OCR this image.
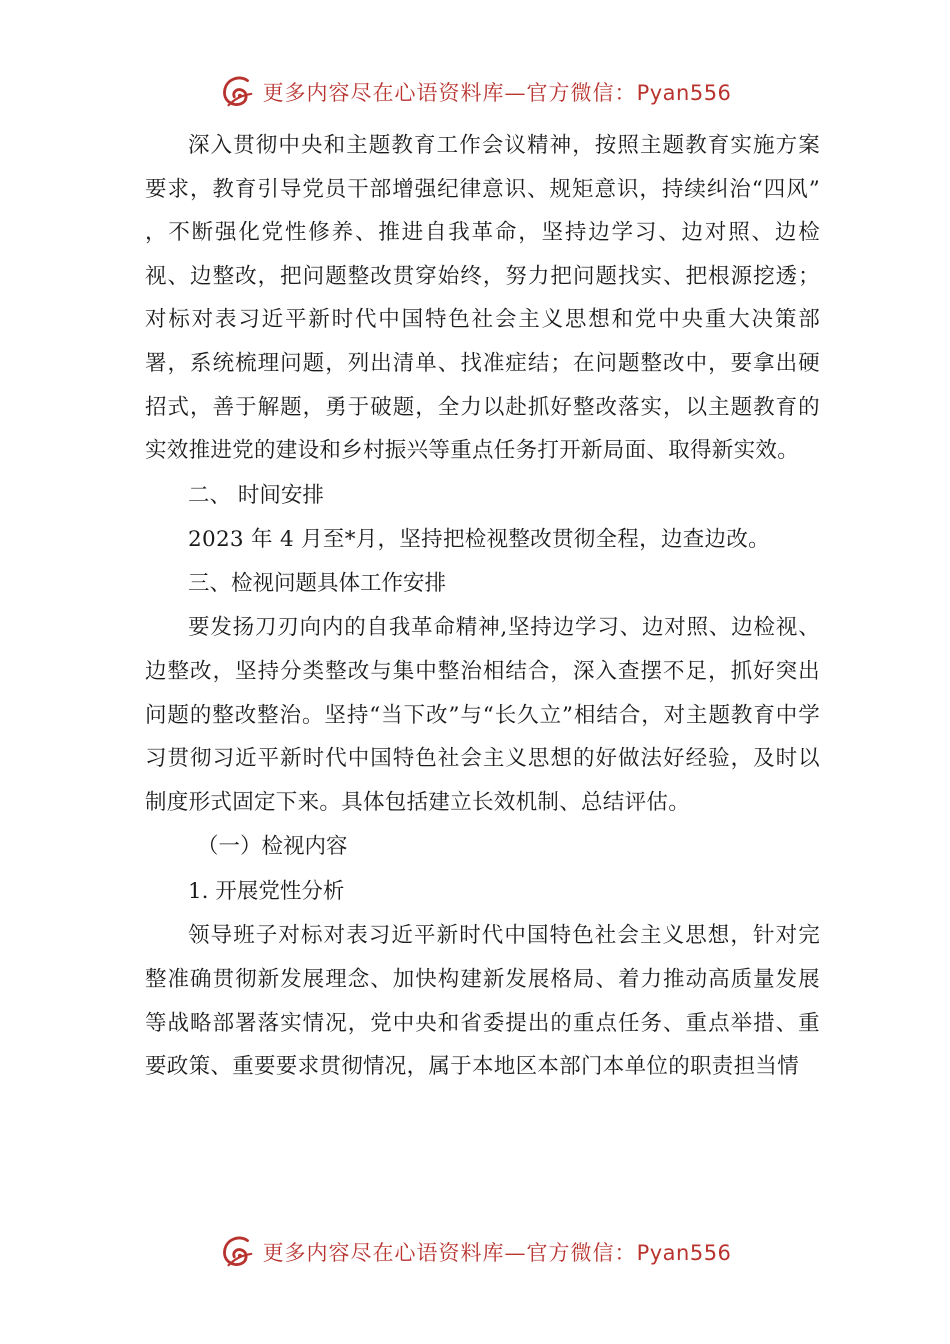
更多内容尽在心语资料库—官方微信：Pyan556

深入贯彻中央和主题教育工作会议精神，按照主题教育实施方案要求，教育引导党员干部增强纪律意识、规矩意识，持续纠治“四风” ，不断强化党性修养、推进自我革命，坚持边学习、边对照、边检视、边整改，把问题整改贯穿始终，努力把问题找实、把根源挖透；对标对表习近平新时代中国特色社会主义思想和党中央重大决策部署，系统梳理问题，列出清单、找准症结；在问题整改中，要拿出硬招式，善于解题，勇于破题，全力以赴抓好整改落实，以主题教育的实效推进党的建设和乡村振兴等重点任务打开新局面、取得新实效。

二、 时间安排

2023 年 4 月至*月，坚持把检视整改贯彻全程，边查边改。

三、检视问题具体工作安排

要发扬刀刃向内的自我革命精神,坚持边学习、边对照、边检视、边整改，坚持分类整改与集中整治相结合，深入查摆不足，抓好突出问题的整改整治。坚持“当下改”与“长久立”相结合，对主题教育中学习贯彻习近平新时代中国特色社会主义思想的好做法好经验，及时以制度形式固定下来。具体包括建立长效机制、总结评估。

（一）检视内容

1. 开展党性分析

领导班子对标对表习近平新时代中国特色社会主义思想，针对完整准确贯彻新发展理念、加快构建新发展格局、着力推动高质量发展等战略部署落实情况，党中央和省委提出的重点任务、重点举措、重要政策、重要要求贯彻情况，属于本地区本部门本单位的职责担当情

更多内容尽在心语资料库—官方微信：Pyan556
